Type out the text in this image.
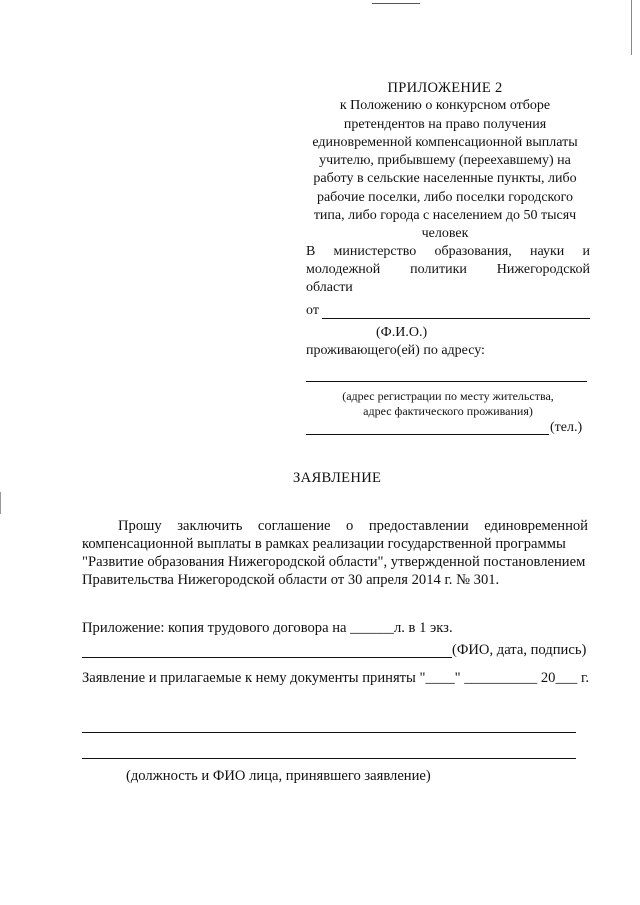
ПРИЛОЖЕНИЕ 2
к Положению о конкурсном отборе
претендентов на право получения
единовременной компенсационной выплаты
учителю, прибывшему (переехавшему) на
работу в сельские населенные пункты, либо
рабочие поселки, либо поселки городского
типа, либо города с населением до 50 тысяч
человек
В министерство образования, науки и
молодежной политики Нижегородской
области
от
(Ф.И.О.)
проживающего(ей) по адресу:
(адрес регистрации по месту жительства,
адрес фактического проживания)
(тел.)
ЗАЯВЛЕНИЕ
Прошу заключить соглашение о предоставлении единовременной
компенсационной выплаты в рамках реализации государственной программы
"Развитие образования Нижегородской области", утвержденной постановлением
Правительства Нижегородской области от 30 апреля 2014 г. № 301.
Приложение: копия трудового договора на ______л. в 1 экз.
(ФИО, дата, подпись)
Заявление и прилагаемые к нему документы приняты "____" __________ 20___ г.
(должность и ФИО лица, принявшего заявление)
